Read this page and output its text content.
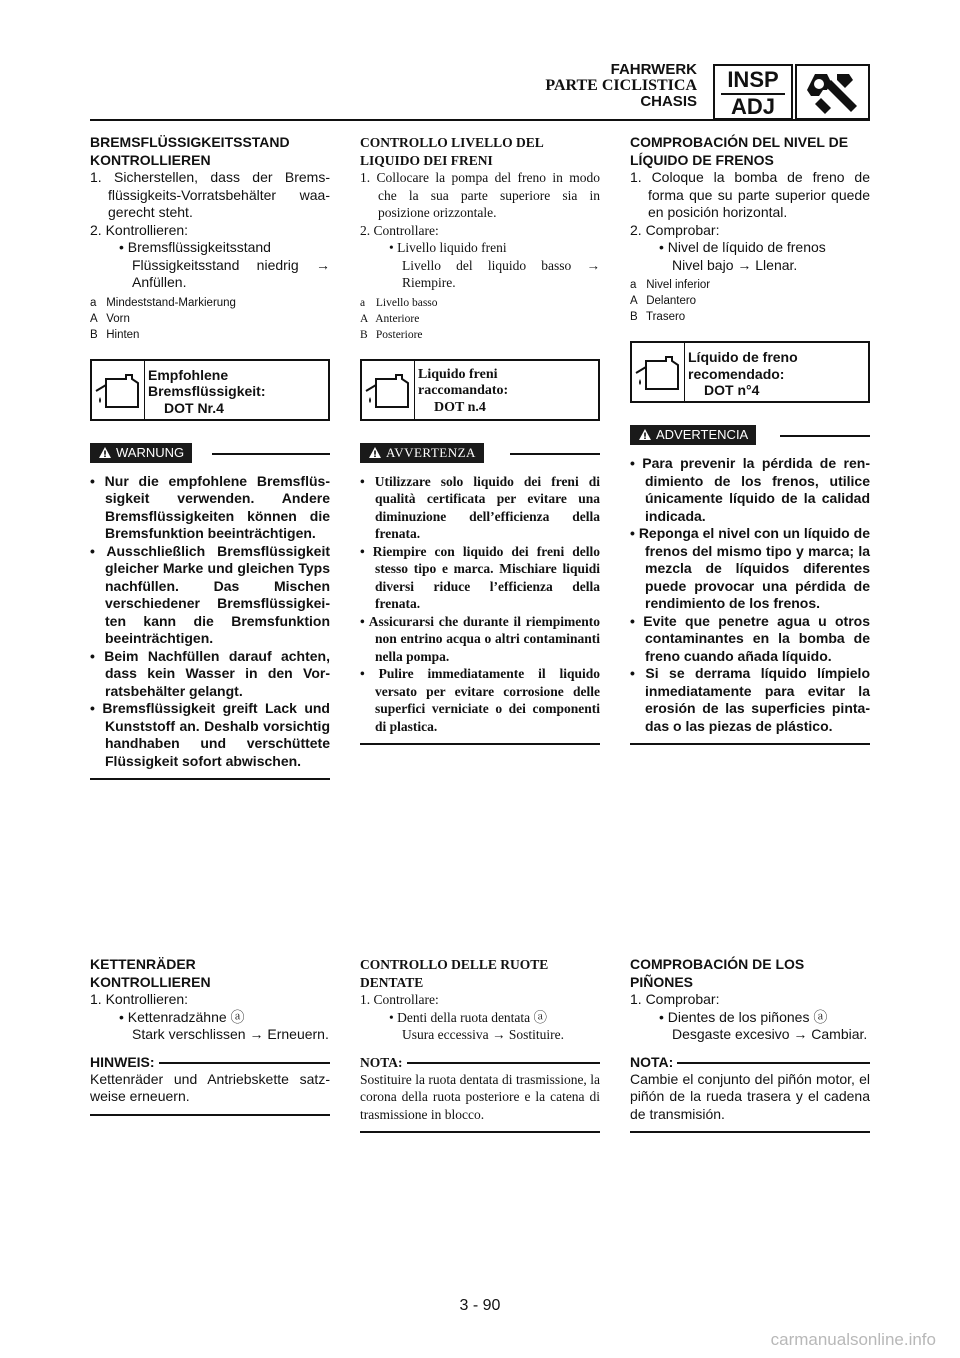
FAHRWERK
PARTE CICLISTICA
CHASIS
INSP
ADJ

BREMSFLÜSSIGKEITSSTAND

KONTROLLIEREN

1. Sicherstellen, dass der Bremsflüssigkeits-Vorratsbehälter waagerecht steht.

2. Kontrollieren:

• Bremsflüssigkeitsstand

Flüssigkeitsstand niedrig → Anfüllen.

a Mindeststand-Markierung

A Vorn

B Hinten

Empfohlene
Bremsflüssigkeit:
DOT Nr.4
WARNUNG

• Nur die empfohlene Bremsflüssigkeit verwenden. Andere Bremsflüssigkeiten können die Bremsfunktion beeinträchtigen.

• Ausschließlich Bremsflüssigkeit gleicher Marke und gleichen Typs nachfüllen. Das Mischen verschiedener Bremsflüssigkeiten kann die Bremsfunktion beeinträchtigen.

• Beim Nachfüllen darauf achten, dass kein Wasser in den Vorratsbehälter gelangt.

• Bremsflüssigkeit greift Lack und Kunststoff an. Deshalb vorsichtig handhaben und verschüttete Flüssigkeit sofort abwischen.

CONTROLLO LIVELLO DEL

LIQUIDO DEI FRENI

1. Collocare la pompa del freno in modo che la sua parte superiore sia in posizione orizzontale.

2. Controllare:

• Livello liquido freni

Livello del liquido basso → Riempire.

a Livello basso

A Anteriore

B Posteriore

Liquido freni
raccomandato:
DOT n.4
AVVERTENZA

• Utilizzare solo liquido dei freni di qualità certificata per evitare una diminuzione dell’efficienza della frenata.

• Riempire con liquido dei freni dello stesso tipo e marca. Mischiare liquidi diversi riduce l’efficienza della frenata.

• Assicurarsi che durante il riempimento non entrino acqua o altri contaminanti nella pompa.

• Pulire immediatamente il liquido versato per evitare corrosione delle superfici verniciate o dei componenti di plastica.

COMPROBACIÓN DEL NIVEL DE

LÍQUIDO DE FRENOS

1. Coloque la bomba de freno de forma que su parte superior quede en posición horizontal.

2. Comprobar:

• Nivel de líquido de frenos

Nivel bajo → Llenar.

a Nivel inferior

A Delantero

B Trasero

Líquido de freno
recomendado:
DOT n°4
ADVERTENCIA

• Para prevenir la pérdida de rendimiento de los frenos, utilice únicamente líquido de la calidad indicada.

• Reponga el nivel con un líquido de frenos del mismo tipo y marca; la mezcla de líquidos diferentes puede provocar una pérdida de rendimiento de los frenos.

• Evite que penetre agua u otros contaminantes en la bomba de freno cuando añada líquido.

• Si se derrama líquido límpielo inmediatamente para evitar la erosión de las superficies pintadas o las piezas de plástico.

KETTENRÄDER

KONTROLLIEREN

1. Kontrollieren:

• Kettenradzähne ⓐ

Stark verschlissen → Erneuern.

HINWEIS:

Kettenräder und Antriebskette satzweise erneuern.

CONTROLLO DELLE RUOTE

DENTATE

1. Controllare:

• Denti della ruota dentata ⓐ

Usura eccessiva → Sostituire.

NOTA:

Sostituire la ruota dentata di trasmissione, la corona della ruota posteriore e la catena di trasmissione in blocco.

COMPROBACIÓN DE LOS

PIÑONES

1. Comprobar:

• Dientes de los piñones ⓐ

Desgaste excesivo → Cambiar.

NOTA:

Cambie el conjunto del piñón motor, el piñón de la rueda trasera y el cadena de transmisión.

3 - 90
carmanualsonline.info
